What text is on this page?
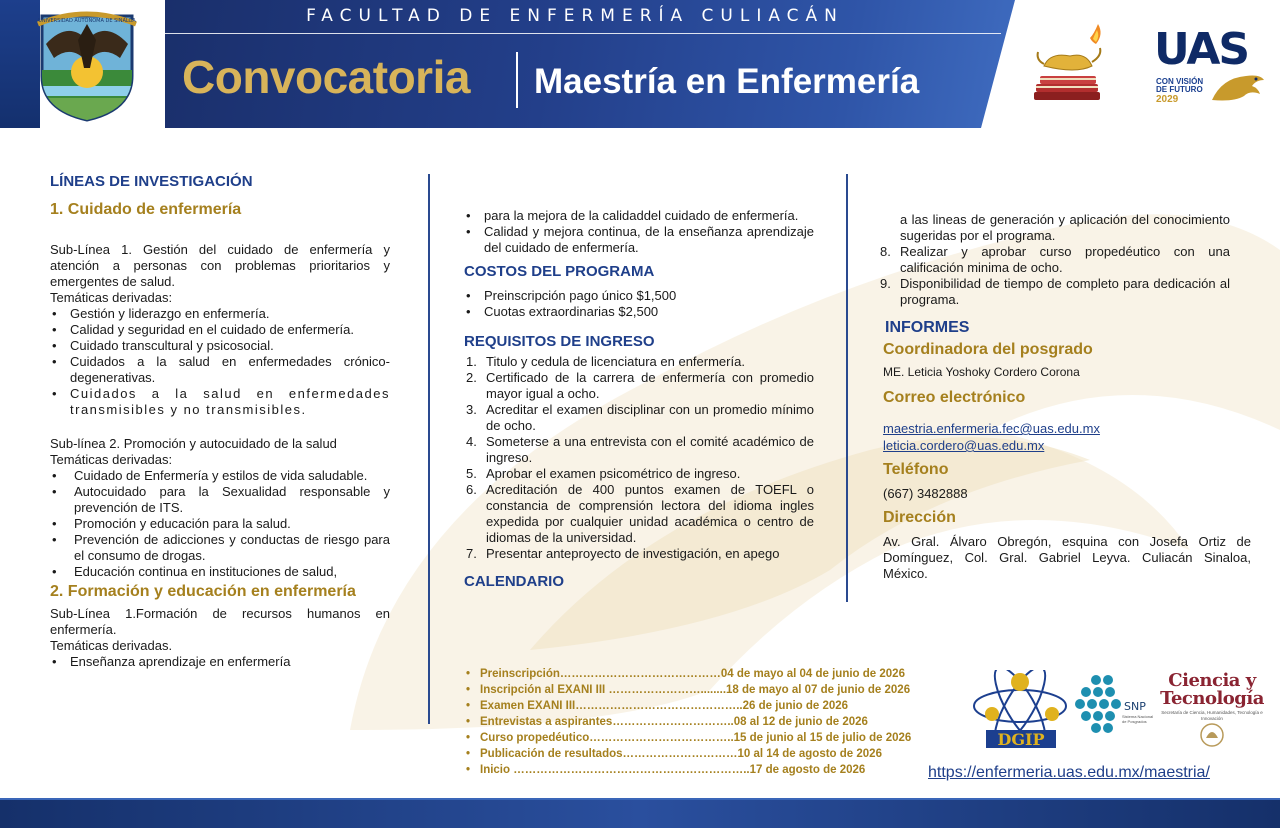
FACULTAD DE ENFERMERÍA CULIACÁN
Convocatoria Maestría en Enfermería
UNIVERSIDAD AUTÓNOMA DE SINALOA
UAS
CON VISIÓN DE FUTURO
2029
LÍNEAS DE INVESTIGACIÓN
1. Cuidado de enfermería
Sub-Línea 1. Gestión del cuidado de enfermería y atención a personas con problemas prioritarios y emergentes de salud.
Temáticas derivadas:
• Gestión y liderazgo en enfermería.
• Calidad y seguridad en el cuidado de enfermería.
• Cuidado transcultural y psicosocial.
• Cuidados a la salud en enfermedades crónico-degenerativas.
• Cuidados a la salud en enfermedades transmisibles y no transmisibles.
Sub-línea 2. Promoción y autocuidado de la salud
Temáticas derivadas:
• Cuidado de Enfermería y estilos de vida saludable.
• Autocuidado para la Sexualidad responsable y prevención de ITS.
• Promoción y educación para la salud.
• Prevención de adicciones y conductas de riesgo para el consumo de drogas.
• Educación continua en instituciones de salud,
2. Formación y educación en enfermería
Sub-Línea 1.Formación de recursos humanos en enfermería.
Temáticas derivadas.
• Enseñanza aprendizaje en enfermería
• para la mejora de la calidaddel cuidado de enfermería.
• Calidad y mejora continua, de la enseñanza aprendizaje del cuidado de enfermería.
COSTOS DEL PROGRAMA
• Preinscripción pago único $1,500
• Cuotas extraordinarias $2,500
REQUISITOS DE INGRESO
1. Titulo y cedula de licenciatura en enfermería.
2. Certificado de la carrera de enfermería con promedio mayor igual a ocho.
3. Acreditar el examen disciplinar con un promedio mínimo de ocho.
4. Someterse a una entrevista con el comité académico de ingreso.
5. Aprobar el examen psicométrico de ingreso.
6. Acreditación de 400 puntos examen de TOEFL o constancia de comprensión lectora del idioma ingles expedida por cualquier unidad académica o centro de idiomas de la universidad.
7. Presentar anteproyecto de investigación, en apego
CALENDARIO
• Preinscripción……………………………………04 de mayo al 04 de junio de 2026
• Inscripción al EXANI III ……………………........18 de mayo al 07 de junio de 2026
• Examen EXANI III……………………………………..26 de junio de 2026
• Entrevistas a aspirantes…………………………..08 al 12 de junio de 2026
• Curso propedéutico………………………………..15 de junio al 15 de julio de 2026
• Publicación de resultados…………………………10 al 14 de agosto de 2026
• Inicio ……………………………………………………..17 de agosto de 2026
a las lineas de generación y aplicación del conocimiento sugeridas por el programa.
8. Realizar y aprobar curso propedéutico con una calificación minima de ocho.
9. Disponibilidad de tiempo de completo para dedicación al programa.
INFORMES
Coordinadora del posgrado
ME. Leticia Yoshoky Cordero Corona
Correo electrónico
maestria.enfermeria.fec@uas.edu.mx
leticia.cordero@uas.edu.mx
Teléfono
(667) 3482888
Dirección
Av. Gral. Álvaro Obregón, esquina con Josefa Ortiz de Domínguez, Col. Gral. Gabriel Leyva. Culiacán Sinaloa, México.
DGIP
SNP
Sistema Nacional de Posgrados
Ciencia y Tecnología
Secretaría de Ciencia, Humanidades, Tecnología e Innovación
https://enfermeria.uas.edu.mx/maestria/
